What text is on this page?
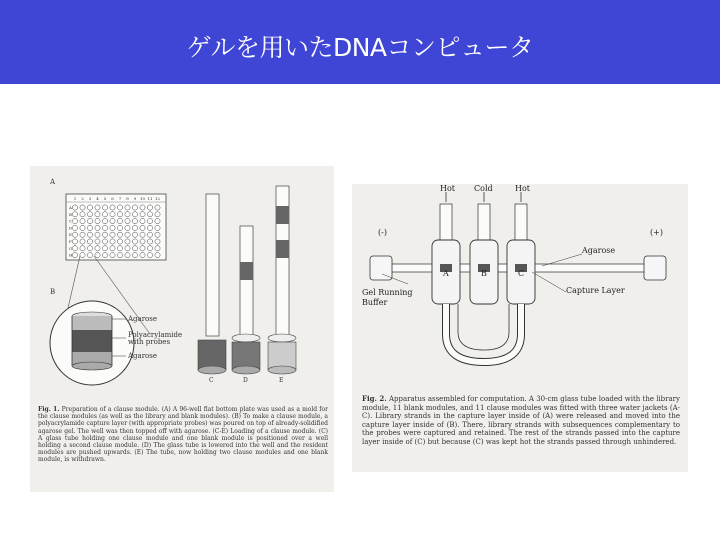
ゲルを用いたDNAコンピュータ
A
B
1 2 3 4 5 6 7 8 9 10 11 12
A
B
C
D
E
F
G
H
C	D	E
Agarose
Polyacrylamide with probes
Agarose
Fig. 1. Preparation of a clause module. (A) A 96-well flat bottom plate was used as a mold for the clause modules (as well as the library and blank modules). (B) To make a clause module, a polyacrylamide capture layer (with appropriate probes) was poured on top of already-solidified agarose gel. The well was then topped off with agarose. (C-E) Loading of a clause module. (C) A glass tube holding one clause module and one blank module is positioned over a well holding a second clause module. (D) The glass tube is lowered into the well and the resident modules are pushed upwards. (E) The tube, now holding two clause modules and one blank module, is withdrawn.
A	B	C
Hot Cold	Hot
(-)	(+)
Agarose
Gel Running Buffer
Capture Layer
Fig. 2. Apparatus assembled for computation. A 30-cm glass tube loaded with the library module, 11 blank modules, and 11 clause modules was fitted with three water jackets (A-C). Library strands in the capture layer inside of (A) were released and moved into the capture layer inside of (B). There, library strands with subsequences complementary to the probes were captured and retained. The rest of the strands passed into the capture layer inside of (C) but because (C) was kept hot the strands passed through unhindered.
